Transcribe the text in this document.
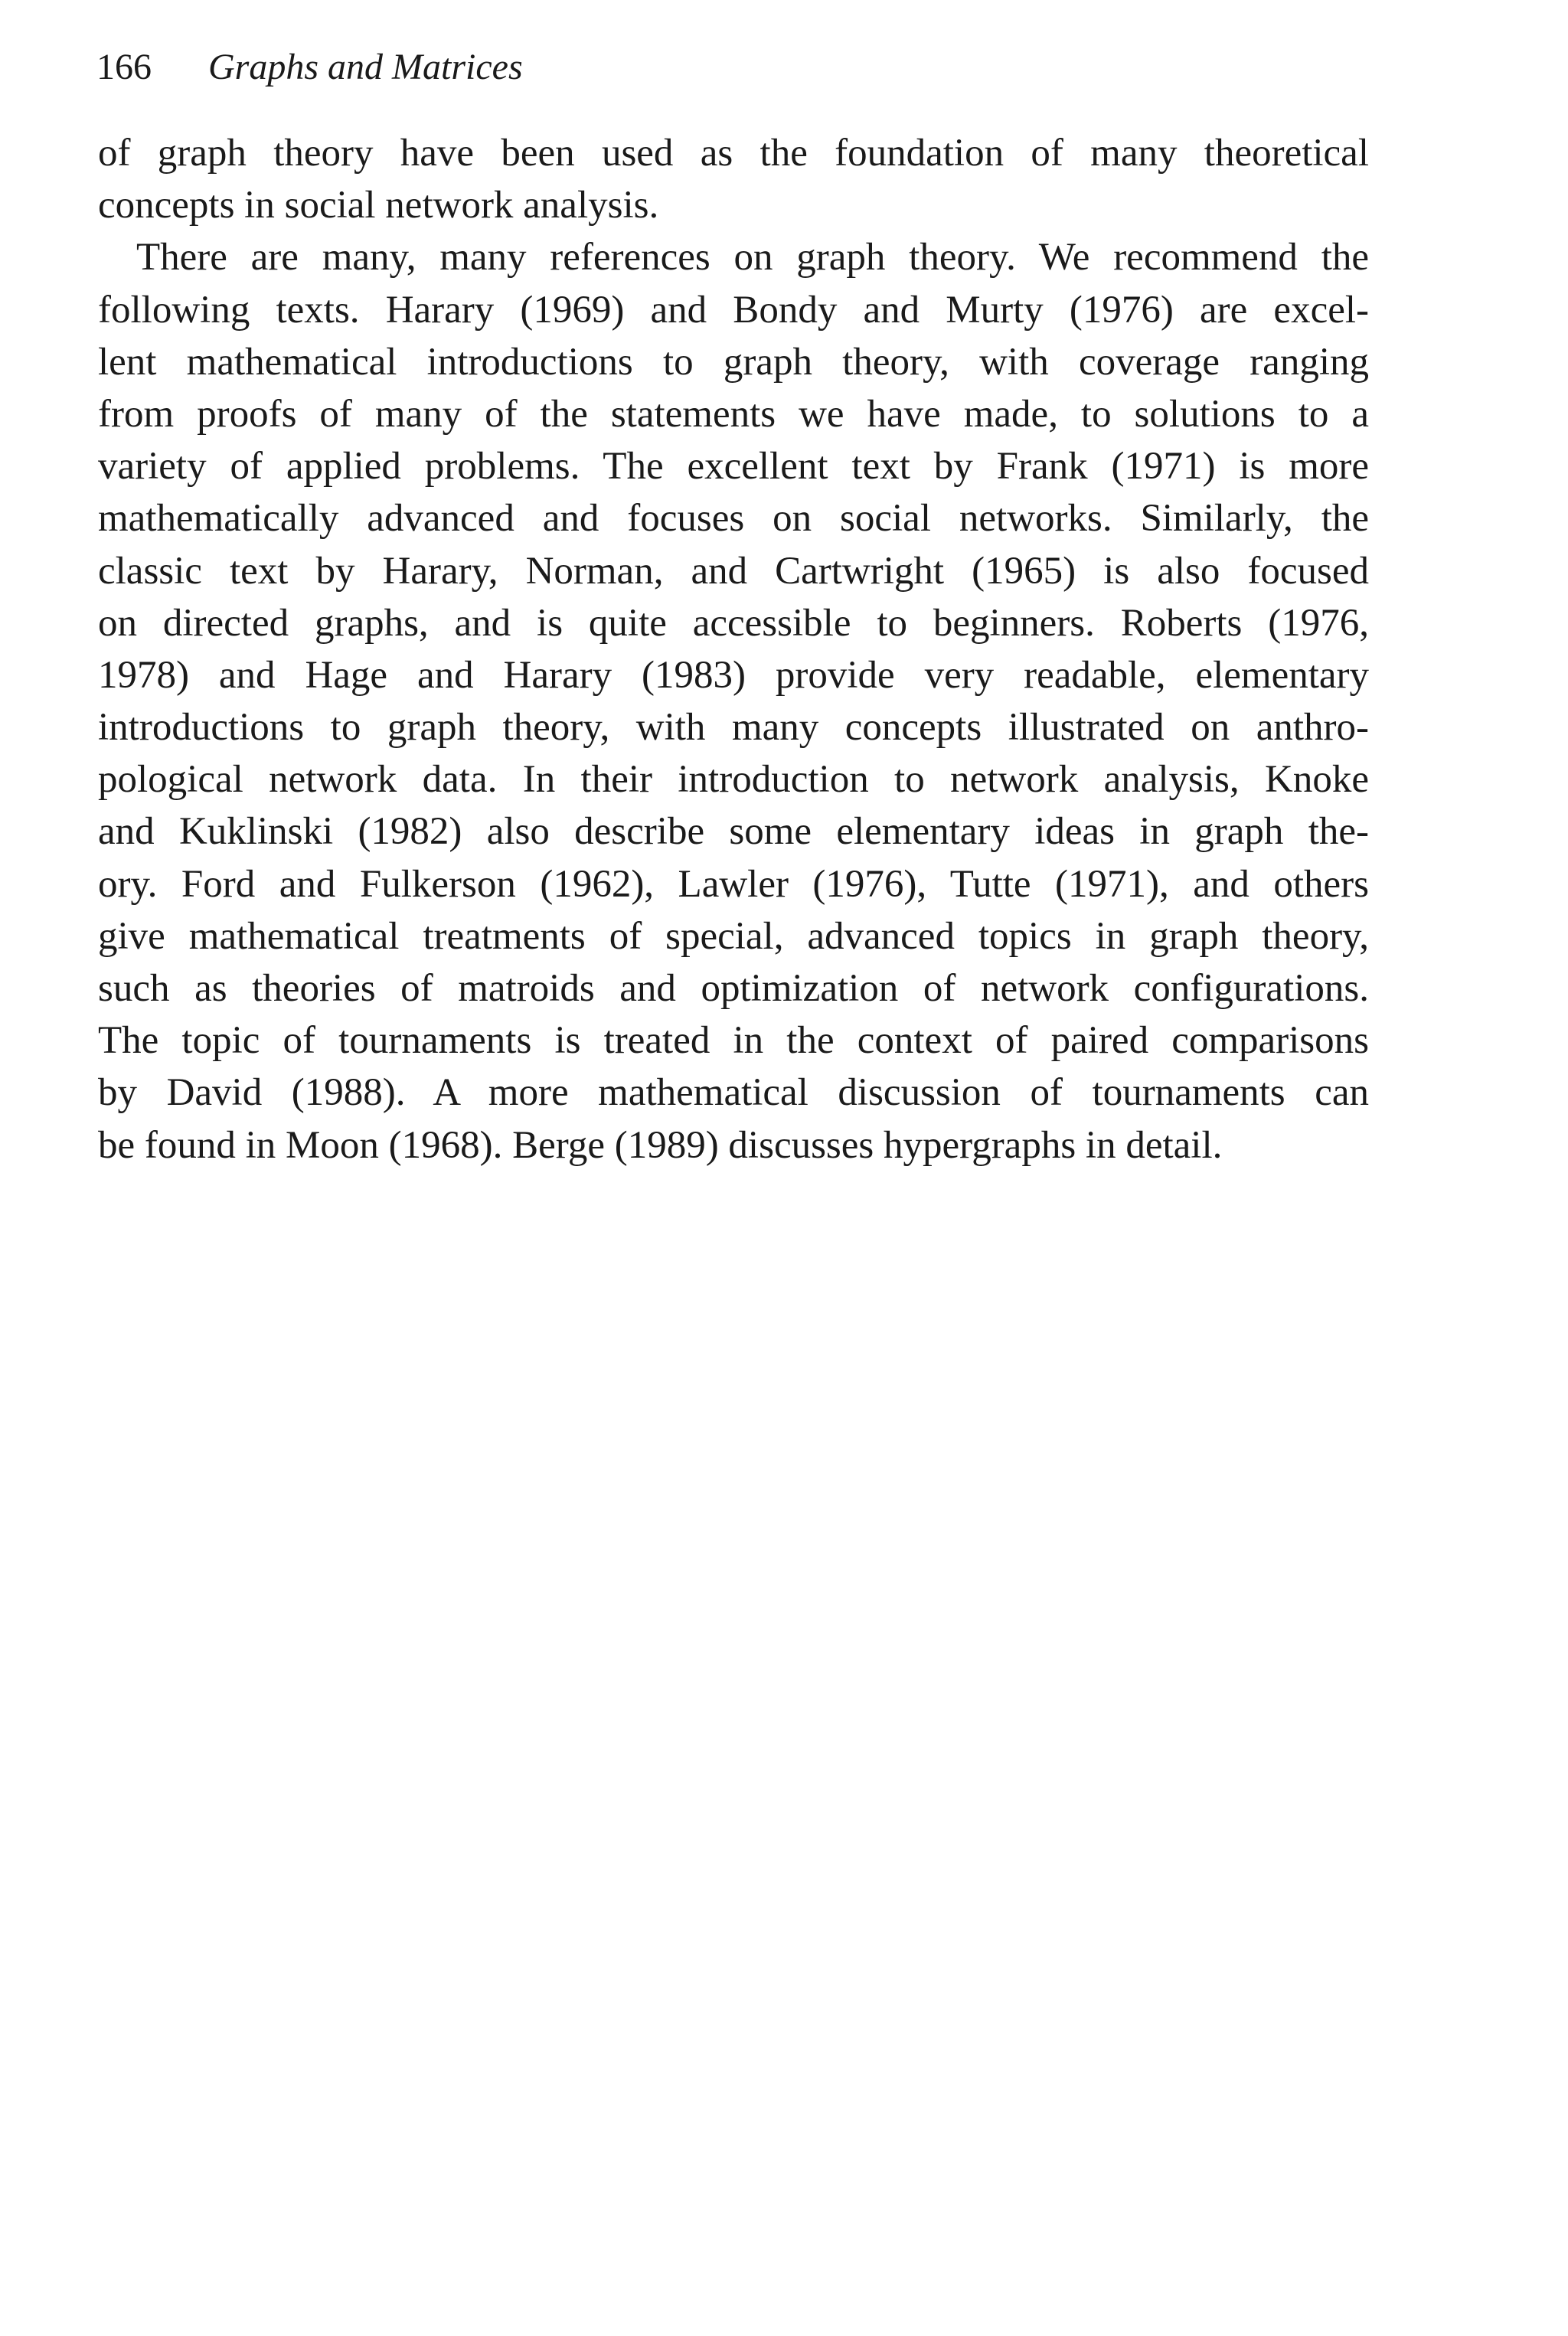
166 Graphs and Matrices
of graph theory have been used as the foundation of many theoretical
concepts in social network analysis.
There are many, many references on graph theory. We recommend the
following texts. Harary (1969) and Bondy and Murty (1976) are excel-
lent mathematical introductions to graph theory, with coverage ranging
from proofs of many of the statements we have made, to solutions to a
variety of applied problems. The excellent text by Frank (1971) is more
mathematically advanced and focuses on social networks. Similarly, the
classic text by Harary, Norman, and Cartwright (1965) is also focused
on directed graphs, and is quite accessible to beginners. Roberts (1976,
1978) and Hage and Harary (1983) provide very readable, elementary
introductions to graph theory, with many concepts illustrated on anthro-
pological network data. In their introduction to network analysis, Knoke
and Kuklinski (1982) also describe some elementary ideas in graph the-
ory. Ford and Fulkerson (1962), Lawler (1976), Tutte (1971), and others
give mathematical treatments of special, advanced topics in graph theory,
such as theories of matroids and optimization of network configurations.
The topic of tournaments is treated in the context of paired comparisons
by David (1988). A more mathematical discussion of tournaments can
be found in Moon (1968). Berge (1989) discusses hypergraphs in detail.
